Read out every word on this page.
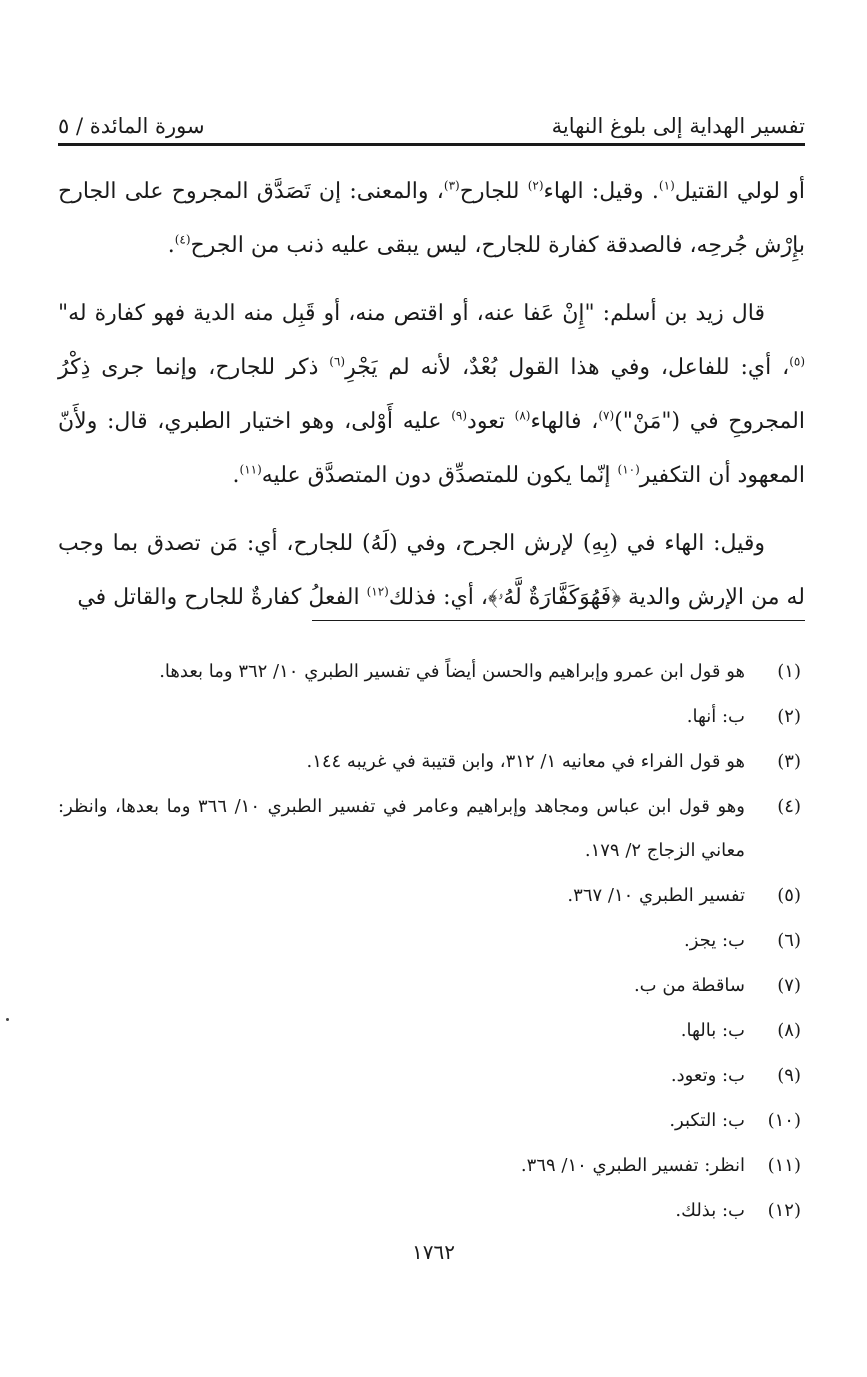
تفسير الهداية إلى بلوغ النهاية
سورة المائدة / ٥

أو لولي القتيل$^{(١)}$. وقيل: الهاء$^{(٢)}$ للجارح$^{(٣)}$، والمعنى: إن تَصَدَّق المجروح على الجارح بإِرْش جُرحِه، فالصدقة كفارة للجارح، ليس يبقى عليه ذنب من الجرح$^{(٤)}$.

قال زيد بن أسلم: "إِنْ عَفا عنه، أو اقتص منه، أو قَبِل منه الدية فهو كفارة له"$^{(٥)}$، أي: للفاعل، وفي هذا القول بُعْدٌ، لأنه لم يَجْرِ$^{(٦)}$ ذكر للجارح، وإنما جرى ذِكْرُ المجروحِ في ("مَنْ")$^{(٧)}$، فالهاء$^{(٨)}$ تعود$^{(٩)}$ عليه أَوْلى، وهو اختيار الطبري، قال: ولأَنّ المعهود أن التكفير$^{(١٠)}$ إنّما يكون للمتصدِّق دون المتصدَّق عليه$^{(١١)}$.

وقيل: الهاء في (بِهِ) لإرش الجرح، وفي (لَهُ) للجارح، أي: مَن تصدق بما وجب له من الإرش والدية ﴿فَهُوَكَفَّارَةٌ لَّهُۥ﴾، أي: فذلك$^{(١٢)}$ الفعلُ كفارةٌ للجارح والقاتل في

(١)
هو قول ابن عمرو وإبراهيم والحسن أيضاً في تفسير الطبري ١٠/ ٣٦٢ وما بعدها.
(٢)
ب: أنها.
(٣)
هو قول الفراء في معانيه ١/ ٣١٢، وابن قتيبة في غريبه ١٤٤.
(٤)
وهو قول ابن عباس ومجاهد وإبراهيم وعامر في تفسير الطبري ١٠/ ٣٦٦ وما بعدها، وانظر: معاني الزجاج ٢/ ١٧٩.
(٥)
تفسير الطبري ١٠/ ٣٦٧.
(٦)
ب: يجز.
(٧)
ساقطة من ب.
(٨)
ب: بالها.
(٩)
ب: وتعود.
(١٠)
ب: التكبر.
(١١)
انظر: تفسير الطبري ١٠/ ٣٦٩.
(١٢)
ب: بذلك.
١٧٦٢
